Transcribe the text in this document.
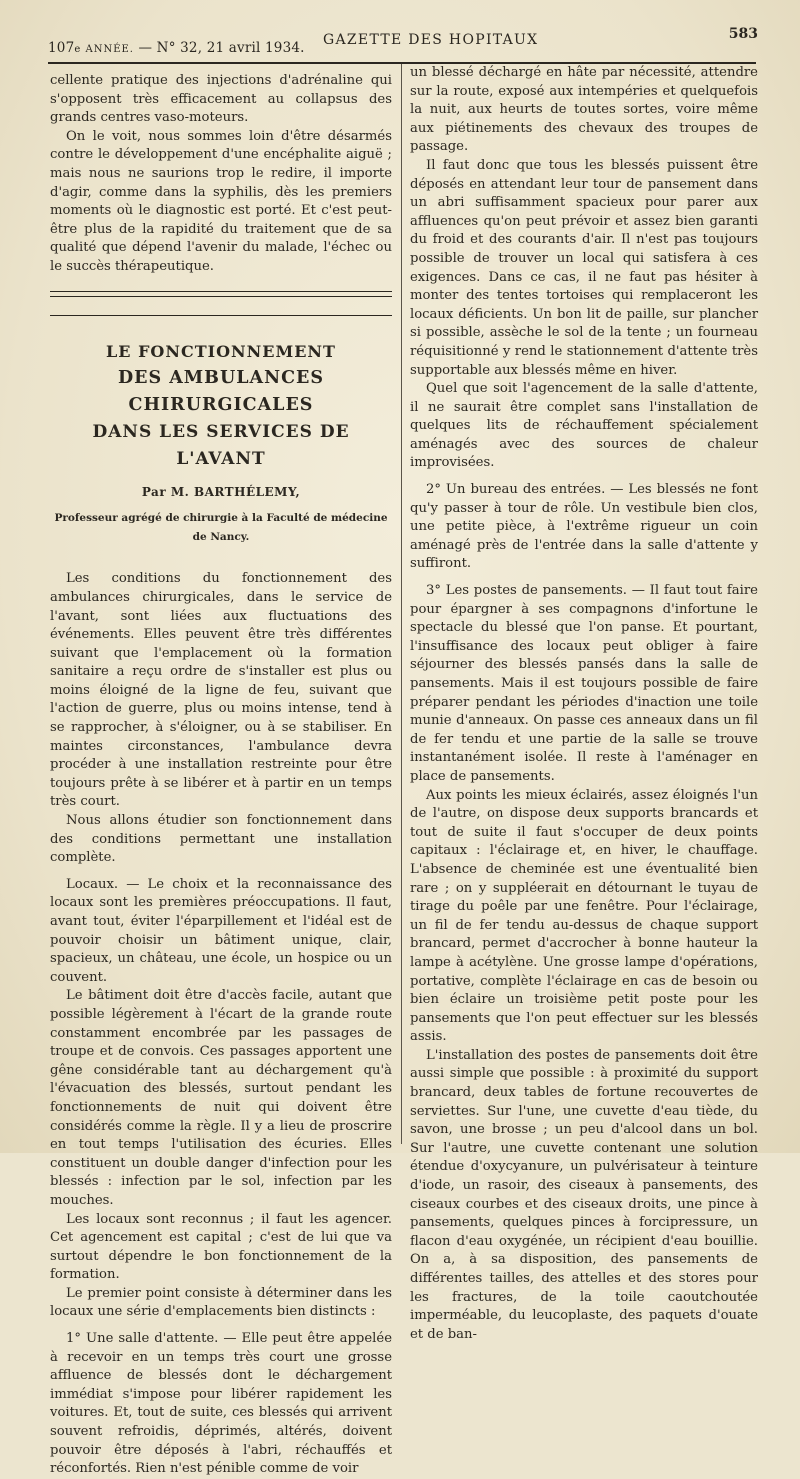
107e ANNÉE. — N° 32, 21 avril 1934. GAZETTE DES HOPITAUX	583

cellente pratique des injections d'adrénaline qui s'opposent très efficacement au collapsus des grands centres vaso-moteurs.

On le voit, nous sommes loin d'être désarmés contre le développement d'une encéphalite aiguë ; mais nous ne saurions trop le redire, il importe d'agir, comme dans la syphilis, dès les premiers moments où le diagnostic est porté. Et c'est peut-être plus de la rapidité du traitement que de sa qualité que dépend l'avenir du malade, l'échec ou le succès thérapeutique.

LE FONCTIONNEMENT
DES AMBULANCES CHIRURGICALES
DANS LES SERVICES DE L'AVANT
Par M. BARTHÉLEMY,
Professeur agrégé de chirurgie à la Faculté de médecine de Nancy.

Les conditions du fonctionnement des ambulances chirurgicales, dans le service de l'avant, sont liées aux fluctuations des événements. Elles peuvent être très différentes suivant que l'emplacement où la formation sanitaire a reçu ordre de s'installer est plus ou moins éloigné de la ligne de feu, suivant que l'action de guerre, plus ou moins intense, tend à se rapprocher, à s'éloigner, ou à se stabiliser. En maintes circonstances, l'ambulance devra procéder à une installation restreinte pour être toujours prête à se libérer et à partir en un temps très court.

Nous allons étudier son fonctionnement dans des conditions permettant une installation complète.

Locaux. — Le choix et la reconnaissance des locaux sont les premières préoccupations. Il faut, avant tout, éviter l'éparpillement et l'idéal est de pouvoir choisir un bâtiment unique, clair, spacieux, un château, une école, un hospice ou un couvent.

Le bâtiment doit être d'accès facile, autant que possible légèrement à l'écart de la grande route constamment encombrée par les passages de troupe et de convois. Ces passages apportent une gêne considérable tant au déchargement qu'à l'évacuation des blessés, surtout pendant les fonctionnements de nuit qui doivent être considérés comme la règle. Il y a lieu de proscrire en tout temps l'utilisation des écuries. Elles constituent un double danger d'infection pour les blessés : infection par le sol, infection par les mouches.

Les locaux sont reconnus ; il faut les agencer. Cet agencement est capital ; c'est de lui que va surtout dépendre le bon fonctionnement de la formation.

Le premier point consiste à déterminer dans les locaux une série d'emplacements bien distincts :

1° Une salle d'attente. — Elle peut être appelée à recevoir en un temps très court une grosse affluence de blessés dont le déchargement immédiat s'impose pour libérer rapidement les voitures. Et, tout de suite, ces blessés qui arrivent souvent refroidis, déprimés, altérés, doivent pouvoir être déposés à l'abri, réchauffés et réconfortés. Rien n'est pénible comme de voir

un blessé déchargé en hâte par nécessité, attendre sur la route, exposé aux intempéries et quelquefois la nuit, aux heurts de toutes sortes, voire même aux piétinements des chevaux des troupes de passage.

Il faut donc que tous les blessés puissent être déposés en attendant leur tour de pansement dans un abri suffisamment spacieux pour parer aux affluences qu'on peut prévoir et assez bien garanti du froid et des courants d'air. Il n'est pas toujours possible de trouver un local qui satisfera à ces exigences. Dans ce cas, il ne faut pas hésiter à monter des tentes tortoises qui remplaceront les locaux déficients. Un bon lit de paille, sur plancher si possible, assèche le sol de la tente ; un fourneau réquisitionné y rend le stationnement d'attente très supportable aux blessés même en hiver.

Quel que soit l'agencement de la salle d'attente, il ne saurait être complet sans l'installation de quelques lits de réchauffement spécialement aménagés avec des sources de chaleur improvisées.

2° Un bureau des entrées. — Les blessés ne font qu'y passer à tour de rôle. Un vestibule bien clos, une petite pièce, à l'extrême rigueur un coin aménagé près de l'entrée dans la salle d'attente y suffiront.

3° Les postes de pansements. — Il faut tout faire pour épargner à ses compagnons d'infortune le spectacle du blessé que l'on panse. Et pourtant, l'insuffisance des locaux peut obliger à faire séjourner des blessés pansés dans la salle de pansements. Mais il est toujours possible de faire préparer pendant les périodes d'inaction une toile munie d'anneaux. On passe ces anneaux dans un fil de fer tendu et une partie de la salle se trouve instantanément isolée. Il reste à l'aménager en place de pansements.

Aux points les mieux éclairés, assez éloignés l'un de l'autre, on dispose deux supports brancards et tout de suite il faut s'occuper de deux points capitaux : l'éclairage et, en hiver, le chauffage. L'absence de cheminée est une éventualité bien rare ; on y suppléerait en détournant le tuyau de tirage du poêle par une fenêtre. Pour l'éclairage, un fil de fer tendu au-dessus de chaque support brancard, permet d'accrocher à bonne hauteur la lampe à acétylène. Une grosse lampe d'opérations, portative, complète l'éclairage en cas de besoin ou bien éclaire un troisième petit poste pour les pansements que l'on peut effectuer sur les blessés assis.

L'installation des postes de pansements doit être aussi simple que possible : à proximité du support brancard, deux tables de fortune recouvertes de serviettes. Sur l'une, une cuvette d'eau tiède, du savon, une brosse ; un peu d'alcool dans un bol. Sur l'autre, une cuvette contenant une solution étendue d'oxycyanure, un pulvérisateur à teinture d'iode, un rasoir, des ciseaux à pansements, des ciseaux courbes et des ciseaux droits, une pince à pansements, quelques pinces à forcipressure, un flacon d'eau oxygénée, un récipient d'eau bouillie. On a, à sa disposition, des pansements de différentes tailles, des attelles et des stores pour les fractures, de la toile caoutchoutée imperméable, du leucoplaste, des paquets d'ouate et de ban-
